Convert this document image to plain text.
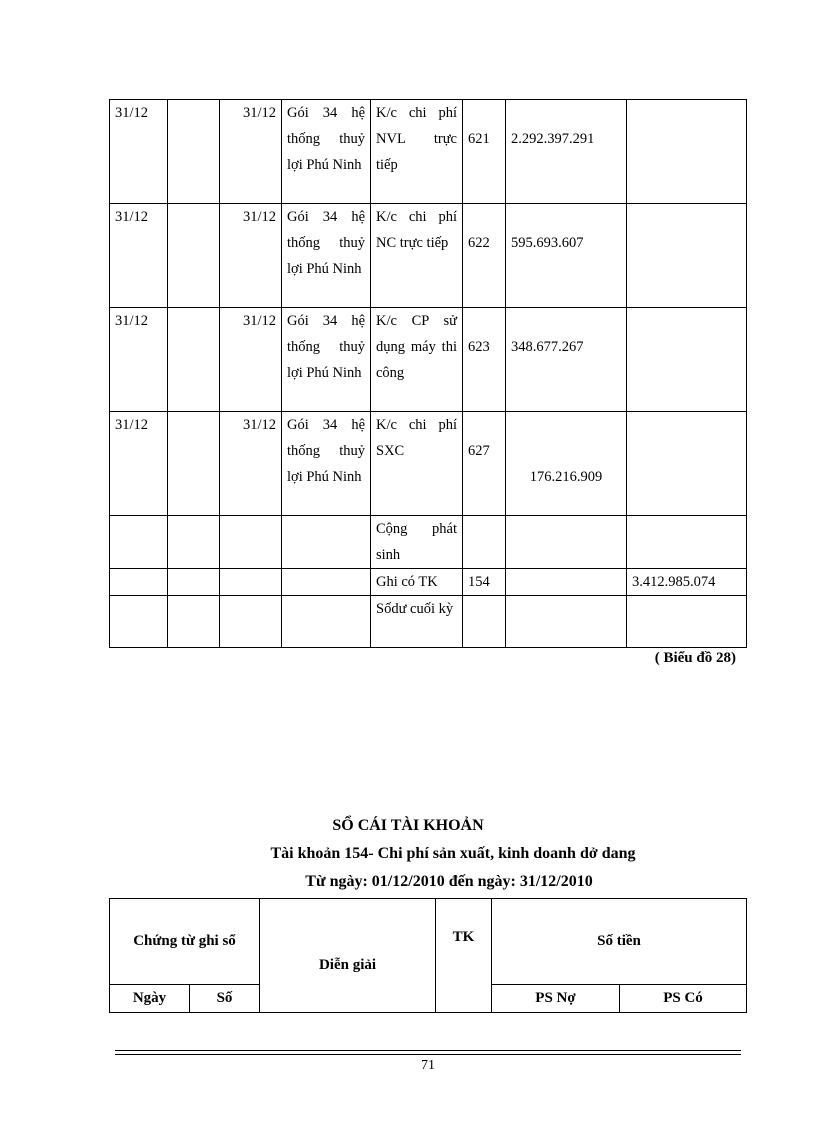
31/12		31/12	Gói 34 hệ thống thuỷ lợi Phú Ninh	K/c chi phí NVL trực tiếp	621	2.292.397.291	

31/12		31/12	Gói 34 hệ thống thuỷ lợi Phú Ninh	K/c chi phí NC trực tiếp	622	595.693.607	

31/12		31/12	Gói 34 hệ thống thuỷ lợi Phú Ninh	K/c CP sử dụng máy thi công	623	348.677.267	

31/12		31/12	Gói 34 hệ thống thuỷ lợi Phú Ninh	K/c chi phí SXC	627	176.216.909	

				Cộng phát sinh			
				Ghi có TK	154		3.412.985.074
				Sốdư cuối kỳ			
( Biểu đồ 28)
SỔ CÁI TÀI KHOẢN
Tài khoản 154- Chi phí sản xuất, kinh doanh dở dang
Từ ngày: 01/12/2010 đến ngày: 31/12/2010
Chứng từ ghi sổ		Diễn giải	TK	Số tiền	
Ngày	Số			PS Nợ	PS Có
71
